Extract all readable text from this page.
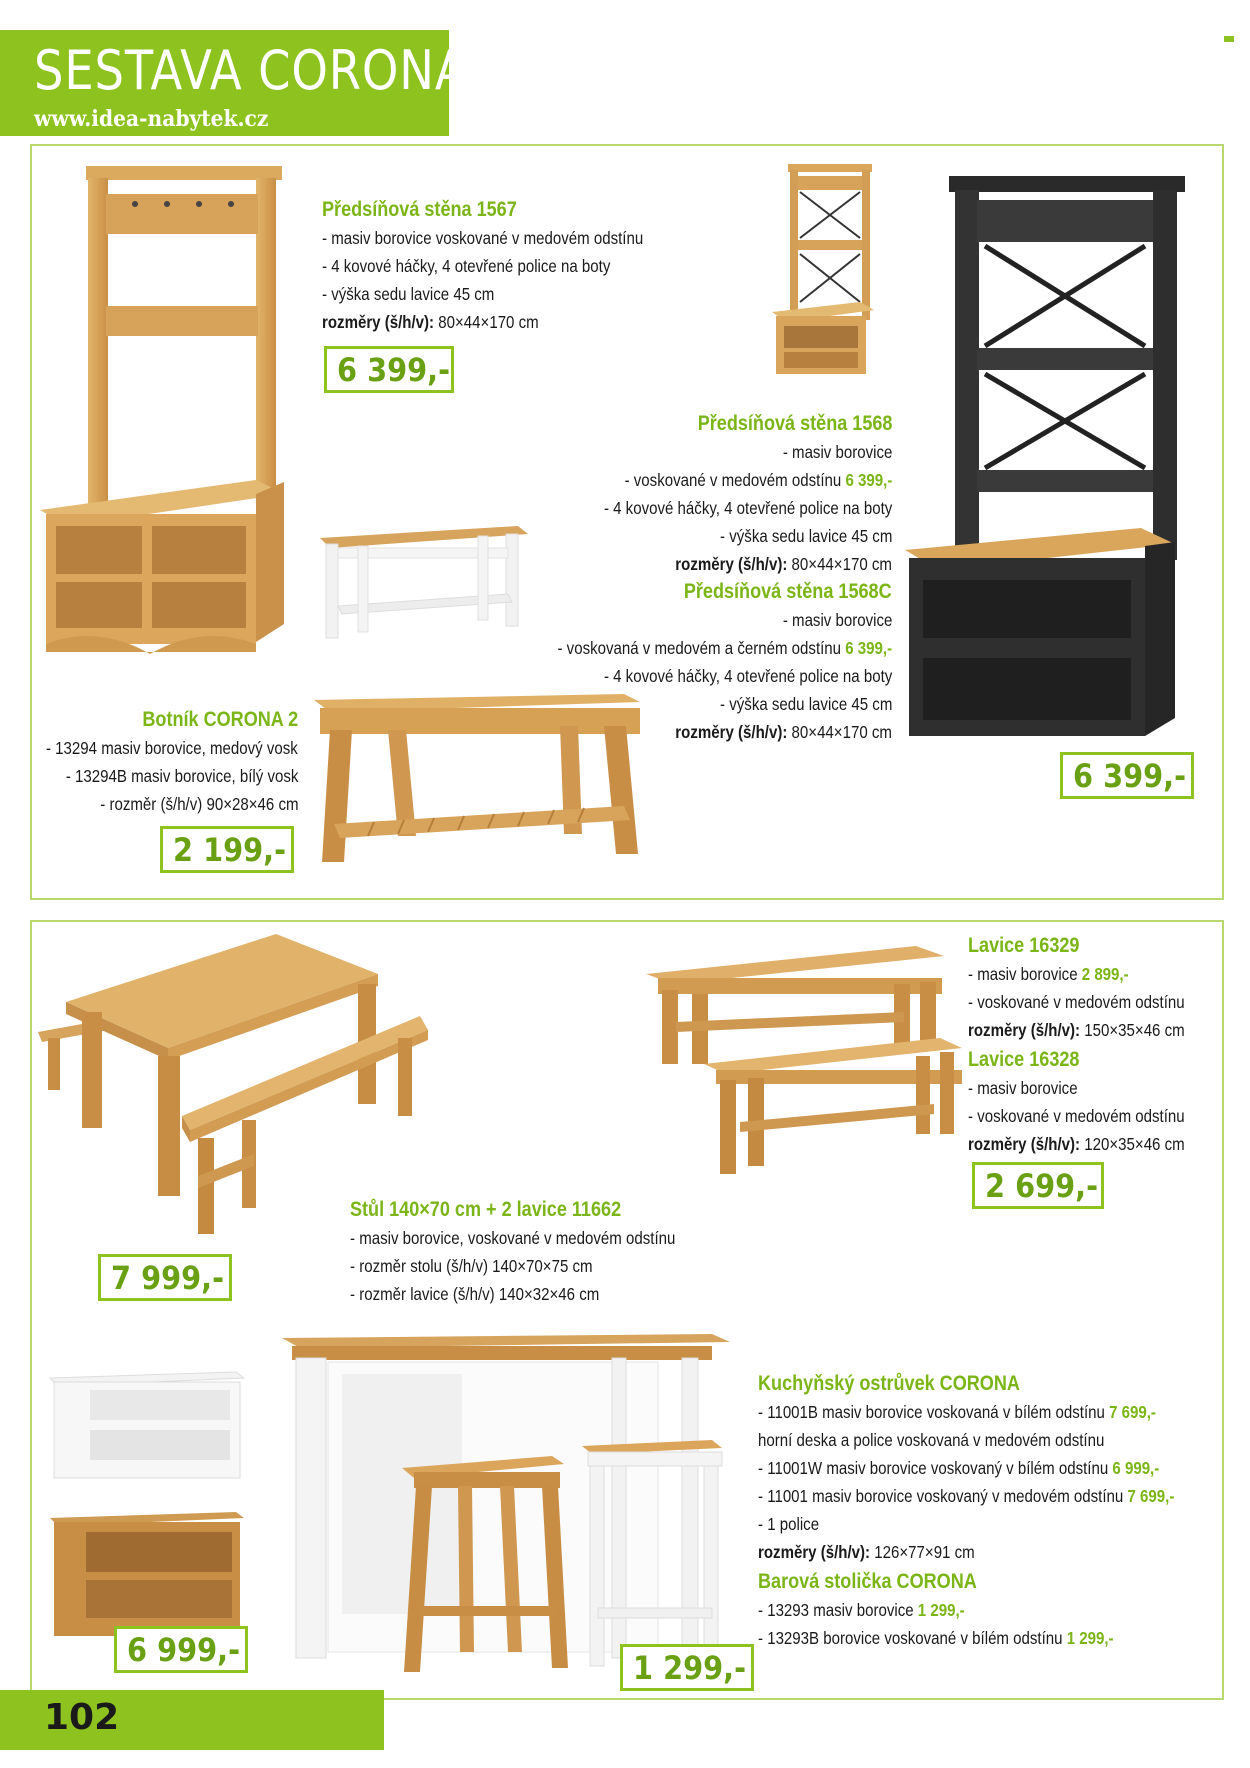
SESTAVA CORONA
www.idea-nabytek.cz
Předsíňová stěna 1567
- masiv borovice voskované v medovém odstínu
- 4 kovové háčky, 4 otevřené police na boty
- výška sedu lavice 45 cm
rozměry (š/h/v): 80×44×170 cm
6 399,-
Předsíňová stěna 1568
- masiv borovice
- voskované v medovém odstínu 6 399,-
- 4 kovové háčky, 4 otevřené police na boty
- výška sedu lavice 45 cm
rozměry (š/h/v): 80×44×170 cm
Předsíňová stěna 1568C
- masiv borovice
- voskovaná v medovém a černém odstínu 6 399,-
- 4 kovové háčky, 4 otevřené police na boty
- výška sedu lavice 45 cm
rozměry (š/h/v): 80×44×170 cm
6 399,-
Botník CORONA 2
- 13294 masiv borovice, medový vosk
- 13294B masiv borovice, bílý vosk
- rozměr (š/h/v) 90×28×46 cm
2 199,-
Lavice 16329
- masiv borovice 2 899,-
- voskované v medovém odstínu
rozměry (š/h/v): 150×35×46 cm
Lavice 16328
- masiv borovice
- voskované v medovém odstínu
rozměry (š/h/v): 120×35×46 cm
2 699,-
Stůl 140×70 cm + 2 lavice 11662
- masiv borovice, voskované v medovém odstínu
- rozměr stolu (š/h/v) 140×70×75 cm
- rozměr lavice (š/h/v) 140×32×46 cm
7 999,-
Kuchyňský ostrůvek CORONA
- 11001B masiv borovice voskovaná v bílém odstínu 7 699,-
horní deska a police voskovaná v medovém odstínu
- 11001W masiv borovice voskovaný v bílém odstínu 6 999,-
- 11001 masiv borovice voskovaný v medovém odstínu 7 699,-
- 1 police
rozměry (š/h/v): 126×77×91 cm
6 999,-
Barová stolička CORONA
- 13293 masiv borovice 1 299,-
- 13293B borovice voskované v bílém odstínu 1 299,-
1 299,-
102
